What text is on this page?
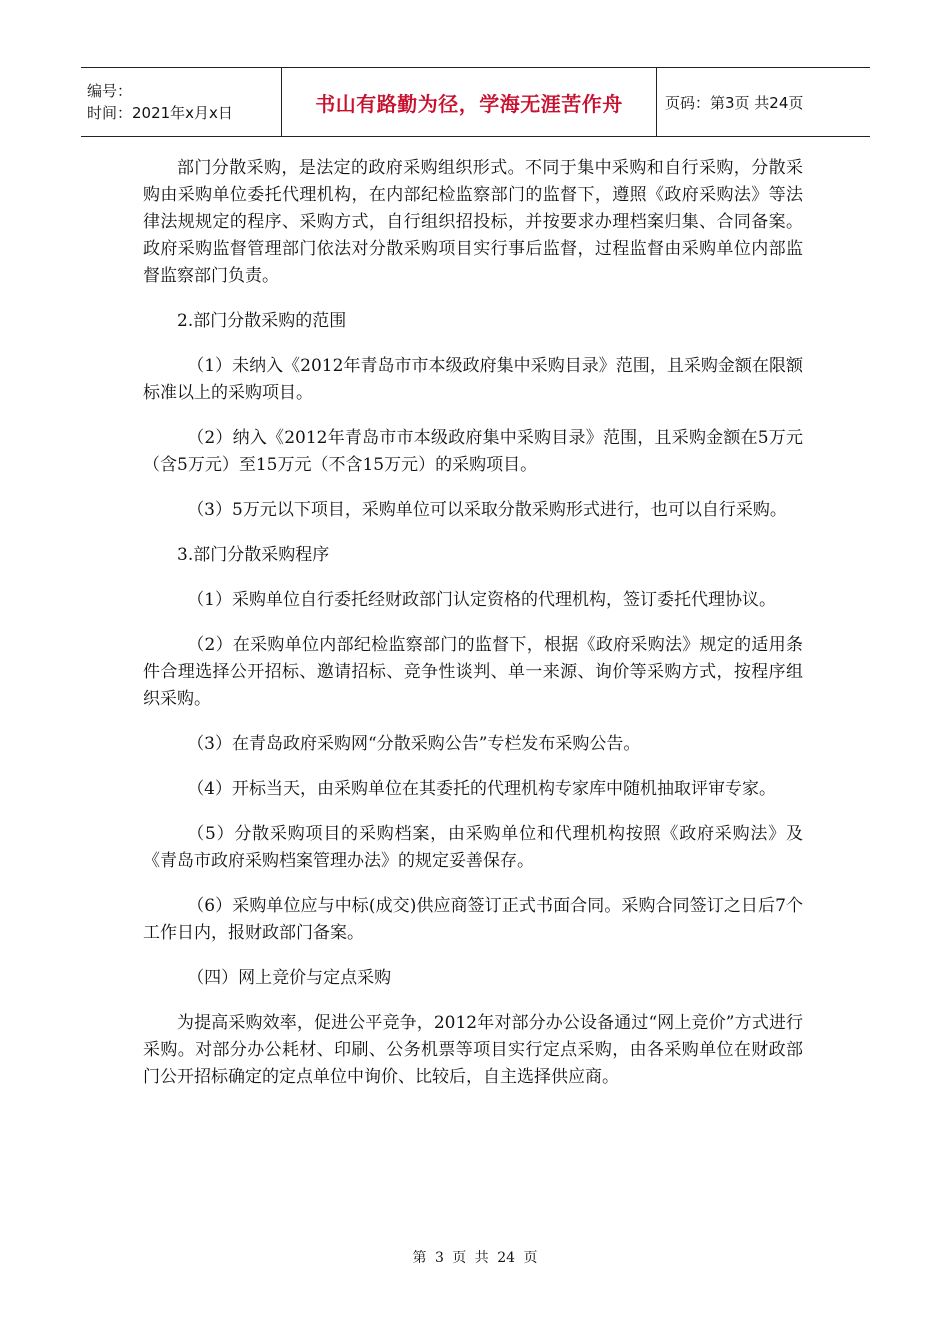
编号：
时间：2021年x月x日	书山有路勤为径，学海无涯苦作舟	页码：第3页 共24页

部门分散采购，是法定的政府采购组织形式。不同于集中采购和自行采购，分散采购由采购单位委托代理机构，在内部纪检监察部门的监督下，遵照《政府采购法》等法律法规规定的程序、采购方式，自行组织招投标，并按要求办理档案归集、合同备案。政府采购监督管理部门依法对分散采购项目实行事后监督，过程监督由采购单位内部监督监察部门负责。

2.部门分散采购的范围

（1）未纳入《2012年青岛市市本级政府集中采购目录》范围，且采购金额在限额标准以上的采购项目。

（2）纳入《2012年青岛市市本级政府集中采购目录》范围，且采购金额在5万元（含5万元）至15万元（不含15万元）的采购项目。

（3）5万元以下项目，采购单位可以采取分散采购形式进行，也可以自行采购。

3.部门分散采购程序

（1）采购单位自行委托经财政部门认定资格的代理机构，签订委托代理协议。

（2）在采购单位内部纪检监察部门的监督下，根据《政府采购法》规定的适用条件合理选择公开招标、邀请招标、竞争性谈判、单一来源、询价等采购方式，按程序组织采购。

（3）在青岛政府采购网“分散采购公告”专栏发布采购公告。

（4）开标当天，由采购单位在其委托的代理机构专家库中随机抽取评审专家。

（5）分散采购项目的采购档案，由采购单位和代理机构按照《政府采购法》及《青岛市政府采购档案管理办法》的规定妥善保存。

（6）采购单位应与中标(成交)供应商签订正式书面合同。采购合同签订之日后7个工作日内，报财政部门备案。

（四）网上竞价与定点采购

为提高采购效率，促进公平竞争，2012年对部分办公设备通过“网上竞价”方式进行采购。对部分办公耗材、印刷、公务机票等项目实行定点采购，由各采购单位在财政部门公开招标确定的定点单位中询价、比较后，自主选择供应商。

第 3 页 共 24 页
